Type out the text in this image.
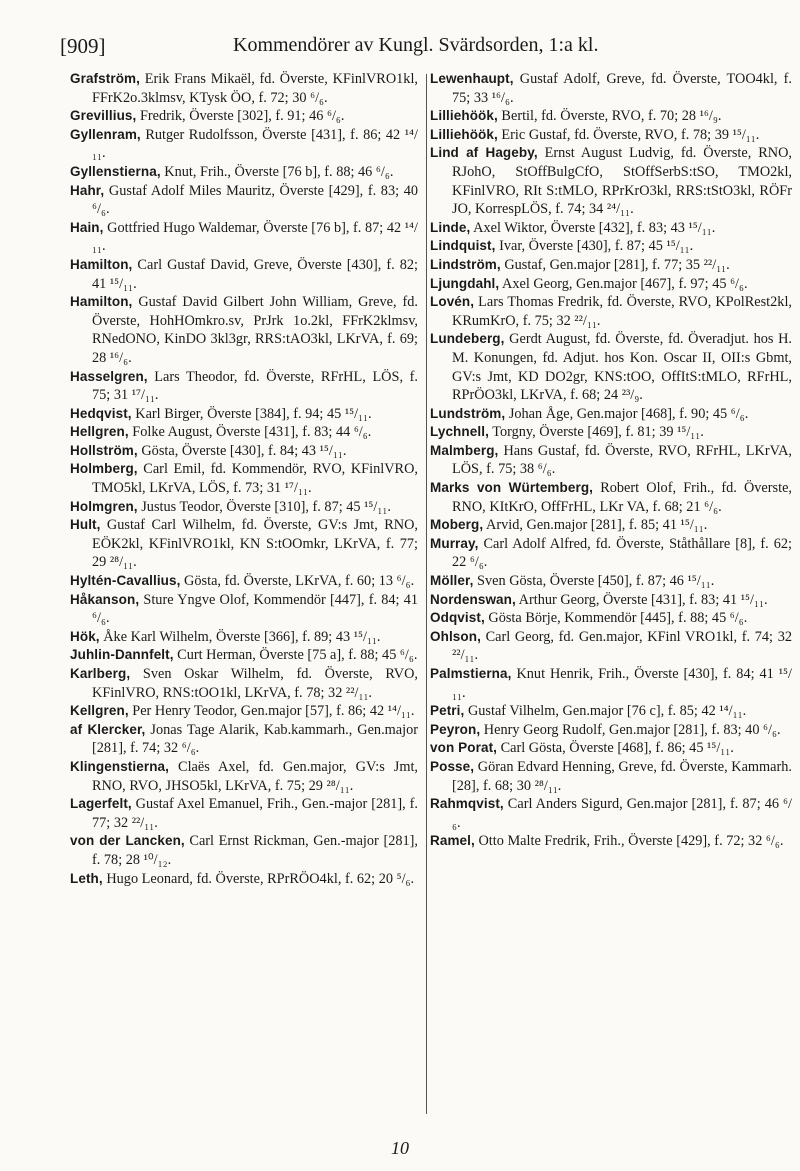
[909]	Kommendörer av Kungl. Svärdsorden, 1:a kl.

Grafström, Erik Frans Mikaël, fd. Överste, KFinlVRO1kl, FFrK2o.3klmsv, KTysk ÖO, f. 72; 30 ⁶/₆.

Grevillius, Fredrik, Överste [302], f. 91; 46 ⁶/₆.

Gyllenram, Rutger Rudolfsson, Överste [431], f. 86; 42 ¹⁴/₁₁.

Gyllenstierna, Knut, Frih., Överste [76 b], f. 88; 46 ⁶/₆.

Hahr, Gustaf Adolf Miles Mauritz, Överste [429], f. 83; 40 ⁶/₆.

Hain, Gottfried Hugo Waldemar, Överste [76 b], f. 87; 42 ¹⁴/₁₁.

Hamilton, Carl Gustaf David, Greve, Överste [430], f. 82; 41 ¹⁵/₁₁.

Hamilton, Gustaf David Gilbert John William, Greve, fd. Överste, HohHOmkro.sv, PrJrk 1o.2kl, FFrK2klmsv, RNedONO, KinDO 3kl3gr, RRS:tAO3kl, LKrVA, f. 69; 28 ¹⁶/₆.

Hasselgren, Lars Theodor, fd. Överste, RFrHL, LÖS, f. 75; 31 ¹⁷/₁₁.

Hedqvist, Karl Birger, Överste [384], f. 94; 45 ¹⁵/₁₁.

Hellgren, Folke August, Överste [431], f. 83; 44 ⁶/₆.

Hollström, Gösta, Överste [430], f. 84; 43 ¹⁵/₁₁.

Holmberg, Carl Emil, fd. Kommendör, RVO, KFinlVRO, TMO5kl, LKrVA, LÖS, f. 73; 31 ¹⁷/₁₁.

Holmgren, Justus Teodor, Överste [310], f. 87; 45 ¹⁵/₁₁.

Hult, Gustaf Carl Wilhelm, fd. Överste, GV:s Jmt, RNO, EÖK2kl, KFinlVRO1kl, KN S:tOOmkr, LKrVA, f. 77; 29 ²⁸/₁₁.

Hyltén-Cavallius, Gösta, fd. Överste, LKrVA, f. 60; 13 ⁶/₆.

Håkanson, Sture Yngve Olof, Kommendör [447], f. 84; 41 ⁶/₆.

Hök, Åke Karl Wilhelm, Överste [366], f. 89; 43 ¹⁵/₁₁.

Juhlin-Dannfelt, Curt Herman, Överste [75 a], f. 88; 45 ⁶/₆.

Karlberg, Sven Oskar Wilhelm, fd. Överste, RVO, KFinlVRO, RNS:tOO1kl, LKrVA, f. 78; 32 ²²/₁₁.

Kellgren, Per Henry Teodor, Gen.major [57], f. 86; 42 ¹⁴/₁₁.

af Klercker, Jonas Tage Alarik, Kab.kammarh., Gen.major [281], f. 74; 32 ⁶/₆.

Klingenstierna, Claës Axel, fd. Gen.major, GV:s Jmt, RNO, RVO, JHSO5kl, LKrVA, f. 75; 29 ²⁸/₁₁.

Lagerfelt, Gustaf Axel Emanuel, Frih., Gen.-major [281], f. 77; 32 ²²/₁₁.

von der Lancken, Carl Ernst Rickman, Gen.-major [281], f. 78; 28 ¹⁰/₁₂.

Leth, Hugo Leonard, fd. Överste, RPrRÖO4kl, f. 62; 20 ⁵/₆.

Lewenhaupt, Gustaf Adolf, Greve, fd. Överste, TOO4kl, f. 75; 33 ¹⁶/₆.

Lilliehöök, Bertil, fd. Överste, RVO, f. 70; 28 ¹⁶/₉.

Lilliehöök, Eric Gustaf, fd. Överste, RVO, f. 78; 39 ¹⁵/₁₁.

Lind af Hageby, Ernst August Ludvig, fd. Överste, RNO, RJohO, StOffBulgCfO, StOffSerbS:tSO, TMO2kl, KFinlVRO, RIt S:tMLO, RPrKrO3kl, RRS:tStO3kl, RÖFr JO, KorrespLÖS, f. 74; 34 ²⁴/₁₁.

Linde, Axel Wiktor, Överste [432], f. 83; 43 ¹⁵/₁₁.

Lindquist, Ivar, Överste [430], f. 87; 45 ¹⁵/₁₁.

Lindström, Gustaf, Gen.major [281], f. 77; 35 ²²/₁₁.

Ljungdahl, Axel Georg, Gen.major [467], f. 97; 45 ⁶/₆.

Lovén, Lars Thomas Fredrik, fd. Överste, RVO, KPolRest2kl, KRumKrO, f. 75; 32 ²²/₁₁.

Lundeberg, Gerdt August, fd. Överste, fd. Överadjut. hos H. M. Konungen, fd. Adjut. hos Kon. Oscar II, OII:s Gbmt, GV:s Jmt, KD DO2gr, KNS:tOO, OffItS:tMLO, RFrHL, RPrÖO3kl, LKrVA, f. 68; 24 ²³/₉.

Lundström, Johan Åge, Gen.major [468], f. 90; 45 ⁶/₆.

Lychnell, Torgny, Överste [469], f. 81; 39 ¹⁵/₁₁.

Malmberg, Hans Gustaf, fd. Överste, RVO, RFrHL, LKrVA, LÖS, f. 75; 38 ⁶/₆.

Marks von Würtemberg, Robert Olof, Frih., fd. Överste, RNO, KItKrO, OffFrHL, LKr VA, f. 68; 21 ⁶/₆.

Moberg, Arvid, Gen.major [281], f. 85; 41 ¹⁵/₁₁.

Murray, Carl Adolf Alfred, fd. Överste, Ståthållare [8], f. 62; 22 ⁶/₆.

Möller, Sven Gösta, Överste [450], f. 87; 46 ¹⁵/₁₁.

Nordenswan, Arthur Georg, Överste [431], f. 83; 41 ¹⁵/₁₁.

Odqvist, Gösta Börje, Kommendör [445], f. 88; 45 ⁶/₆.

Ohlson, Carl Georg, fd. Gen.major, KFinl VRO1kl, f. 74; 32 ²²/₁₁.

Palmstierna, Knut Henrik, Frih., Överste [430], f. 84; 41 ¹⁵/₁₁.

Petri, Gustaf Vilhelm, Gen.major [76 c], f. 85; 42 ¹⁴/₁₁.

Peyron, Henry Georg Rudolf, Gen.major [281], f. 83; 40 ⁶/₆.

von Porat, Carl Gösta, Överste [468], f. 86; 45 ¹⁵/₁₁.

Posse, Göran Edvard Henning, Greve, fd. Överste, Kammarh. [28], f. 68; 30 ²⁸/₁₁.

Rahmqvist, Carl Anders Sigurd, Gen.major [281], f. 87; 46 ⁶/₆.

Ramel, Otto Malte Fredrik, Frih., Överste [429], f. 72; 32 ⁶/₆.

10
